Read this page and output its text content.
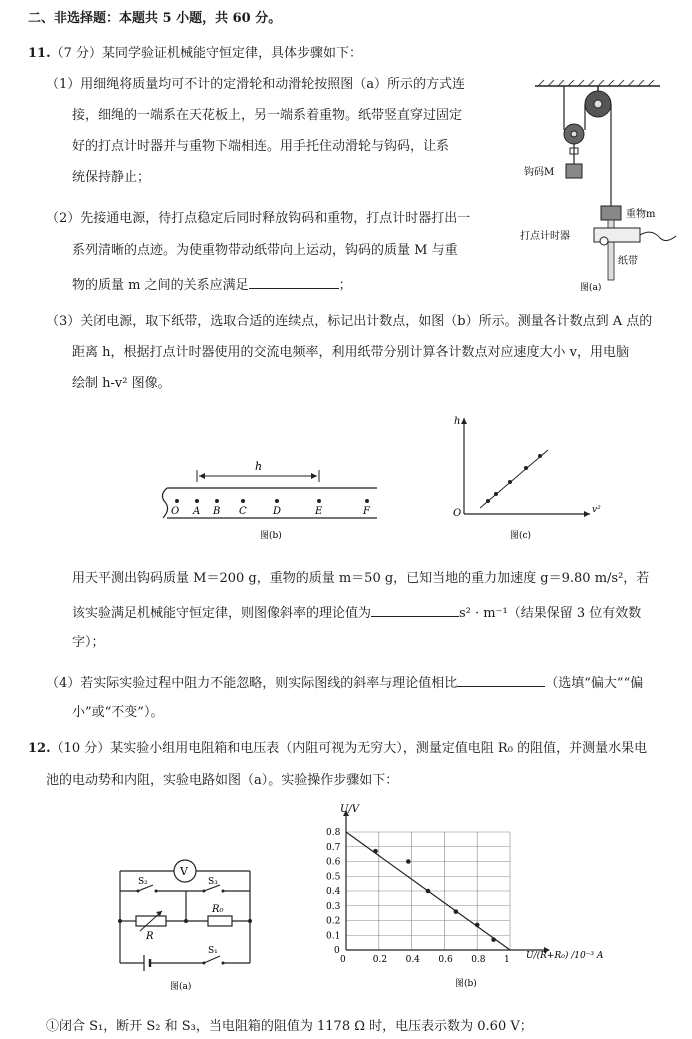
二、非选择题：本题共 5 小题，共 60 分。
11.（7 分）某同学验证机械能守恒定律，具体步骤如下：
（1）用细绳将质量均可不计的定滑轮和动滑轮按照图（a）所示的方式连
接，细绳的一端系在天花板上，另一端系着重物。纸带竖直穿过固定
好的打点计时器并与重物下端相连。用手托住动滑轮与钩码，让系
统保持静止；
（2）先接通电源，待打点稳定后同时释放钩码和重物，打点计时器打出一
系列清晰的点迹。为使重物带动纸带向上运动，钩码的质量 M 与重
物的质量 m 之间的关系应满足	；
钩码M
重物m
打点计时器
纸带
图(a)
（3）关闭电源，取下纸带，选取合适的连续点，标记出计数点，如图（b）所示。测量各计数点到 A 点的
距离 h，根据打点计时器使用的交流电频率，利用纸带分别计算各计数点对应速度大小 v，用电脑
绘制 h-v² 图像。
h
O A B C	D	E	F
图(b)
h
v²
O
图(c)
用天平测出钩码质量 M＝200 g，重物的质量 m＝50 g，已知当地的重力加速度 g＝9.80 m/s²，若
该实验满足机械能守恒定律，则图像斜率的理论值为	s² · m⁻¹（结果保留 3 位有效数
字）；
（4）若实际实验过程中阻力不能忽略，则实际图线的斜率与理论值相比	（选填“偏大”“偏
小”或“不变”）。
12.（10 分）某实验小组用电阻箱和电压表（内阻可视为无穷大），测量定值电阻 R₀ 的阻值，并测量水果电
池的电动势和内阻，实验电路如图（a）。实验操作步骤如下：
V
S₂	S₃
R
R₀
S₁
图(a)
0	0.2 0.4 0.6 0.8 1
0.1
0.2
0.3
0.4
0.5
0.6
0.7
0.8
0
U/V
U/(R+R₀) /10⁻³ A
图(b)
①闭合 S₁，断开 S₂ 和 S₃，当电阻箱的阻值为 1178 Ω 时，电压表示数为 0.60 V；
